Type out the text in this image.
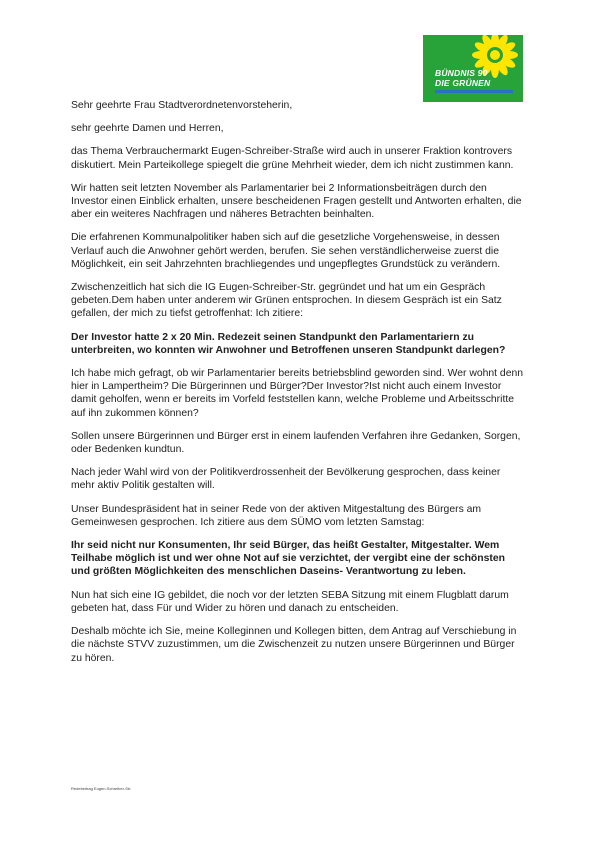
BÜNDNIS 90
DIE GRÜNEN

Sehr geehrte Frau Stadtverordnetenvorsteherin,

sehr geehrte Damen und Herren,

das Thema Verbrauchermarkt Eugen-Schreiber-Straße wird auch in unserer Fraktion kontrovers diskutiert. Mein Parteikollege spiegelt die grüne Mehrheit wieder, dem ich nicht zustimmen kann.

Wir hatten seit letzten November als Parlamentarier bei 2 Informationsbeiträgen durch den Investor einen Einblick erhalten, unsere bescheidenen Fragen gestellt und Antworten erhalten, die aber ein weiteres Nachfragen und näheres Betrachten beinhalten.

Die erfahrenen Kommunalpolitiker haben sich auf die gesetzliche Vorgehensweise, in dessen Verlauf auch die Anwohner gehört werden, berufen. Sie sehen verständlicherweise zuerst die Möglichkeit, ein seit Jahrzehnten brachliegendes und ungepflegtes Grundstück zu verändern.

Zwischenzeitlich hat sich die IG Eugen-Schreiber-Str. gegründet und hat um ein Gespräch gebeten.Dem haben unter anderem wir Grünen entsprochen. In diesem Gespräch ist ein Satz gefallen, der mich zu tiefst getroffenhat: Ich zitiere:

Der Investor hatte 2 x 20 Min. Redezeit seinen Standpunkt den Parlamentariern zu unterbreiten, wo konnten wir Anwohner und Betroffenen unseren Standpunkt darlegen?

Ich habe mich gefragt, ob wir Parlamentarier bereits betriebsblind geworden sind. Wer wohnt denn hier in Lampertheim? Die Bürgerinnen und Bürger?Der Investor?Ist nicht auch einem Investor damit geholfen, wenn er bereits im Vorfeld feststellen kann, welche Probleme und Arbeitsschritte auf ihn zukommen können?

Sollen unsere Bürgerinnen und Bürger erst in einem laufenden Verfahren ihre Gedanken, Sorgen, oder Bedenken kundtun.

Nach jeder Wahl wird von der Politikverdrossenheit der Bevölkerung gesprochen, dass keiner mehr aktiv Politik gestalten will.

Unser Bundespräsident hat in seiner Rede von der aktiven Mitgestaltung des Bürgers am Gemeinwesen gesprochen. Ich zitiere aus dem SÜMO vom letzten Samstag:

Ihr seid nicht nur Konsumenten, Ihr seid Bürger, das heißt Gestalter, Mitgestalter. Wem Teilhabe möglich ist und wer ohne Not auf sie verzichtet, der vergibt eine der schönsten und größten Möglichkeiten des menschlichen Daseins- Verantwortung zu leben.

Nun hat sich eine IG gebildet, die noch vor der letzten SEBA Sitzung mit einem Flugblatt darum gebeten hat, dass Für und Wider zu hören und danach zu entscheiden.

Deshalb möchte ich Sie, meine Kolleginnen und Kollegen bitten, dem Antrag auf Verschiebung in die nächste STVV zuzustimmen, um die Zwischenzeit zu nutzen unsere Bürgerinnen und Bürger zu hören.

Redebeitrag Eugen-Schreiber-Str.
